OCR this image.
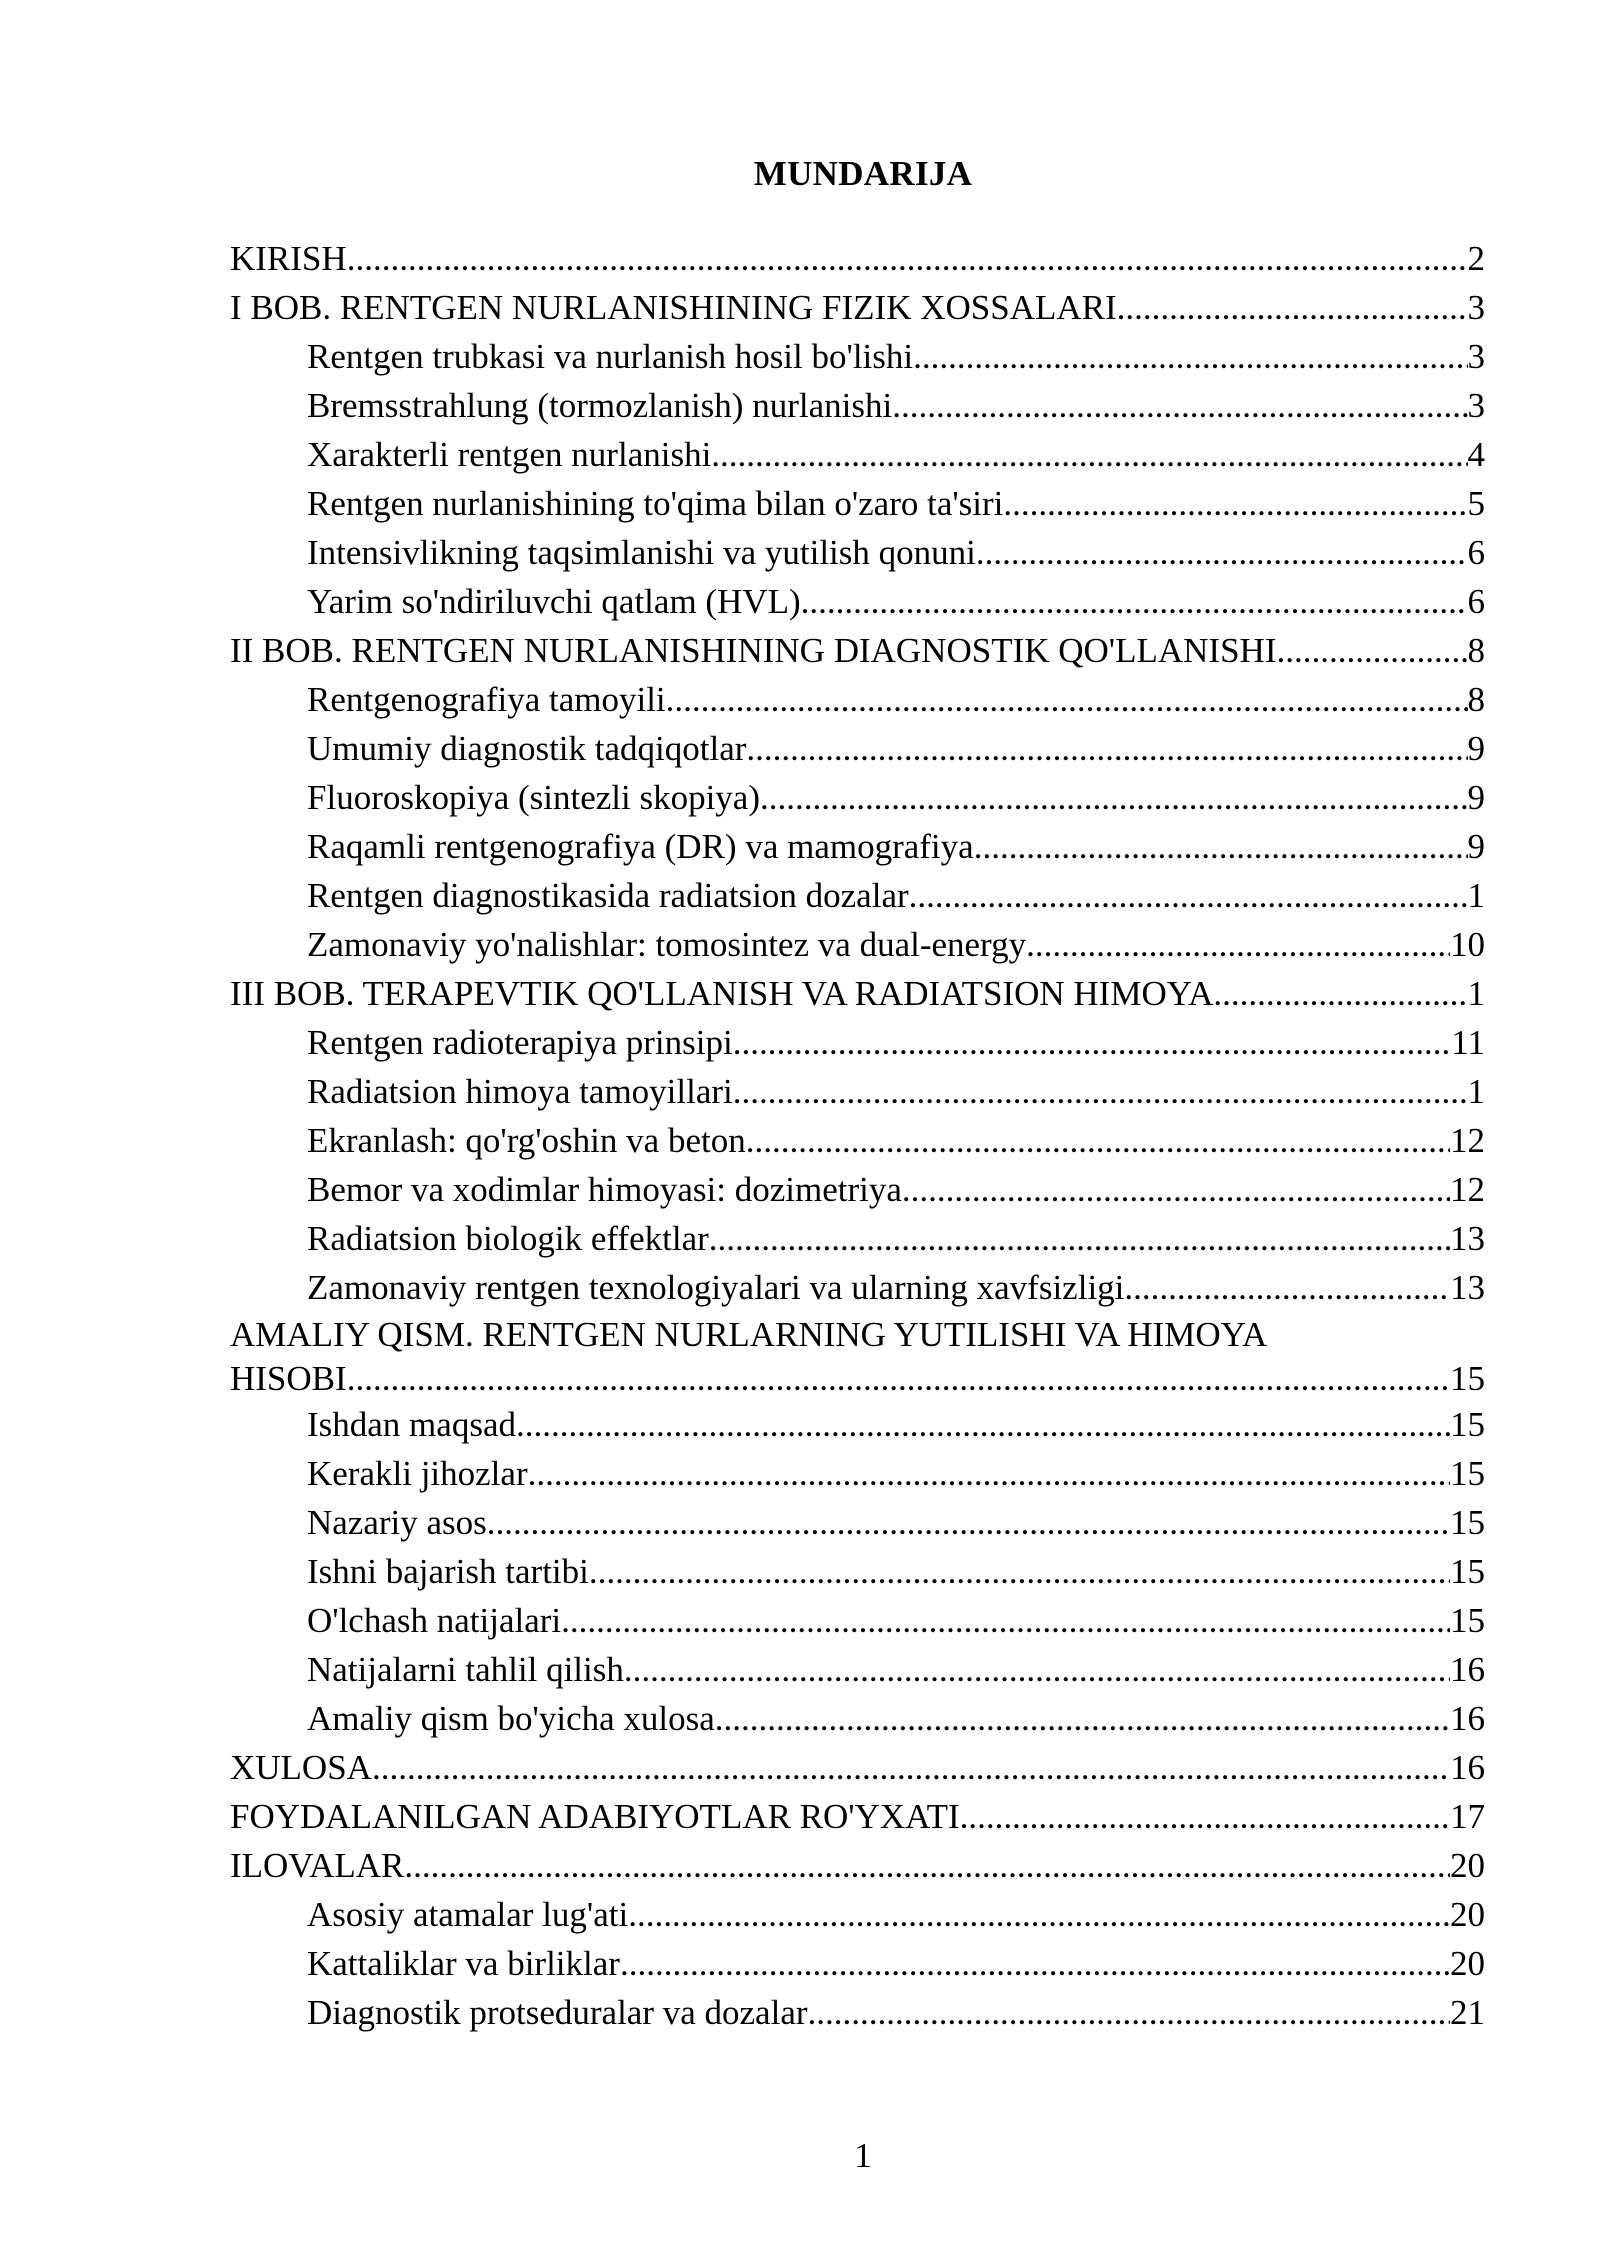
MUNDARIJA
KIRISH .....	2
I BOB. RENTGEN NURLANISHINING FIZIK XOSSALARI .....	3
Rentgen trubkasi va nurlanish hosil bo'lishi .....	3
Bremsstrahlung (tormozlanish) nurlanishi .....	3
Xarakterli rentgen nurlanishi .....	4
Rentgen nurlanishining to'qima bilan o'zaro ta'siri .....	5
Intensivlikning taqsimlanishi va yutilish qonuni .....	6
Yarim so'ndiriluvchi qatlam (HVL) .....	6
II BOB. RENTGEN NURLANISHINING DIAGNOSTIK QO'LLANISHI .....	8
Rentgenografiya tamoyili .....	8
Umumiy diagnostik tadqiqotlar .....	9
Fluoroskopiya (sintezli skopiya) .....	9
Raqamli rentgenografiya (DR) va mamografiya .....	9
Rentgen diagnostikasida radiatsion dozalar .....	1
Zamonaviy yo'nalishlar: tomosintez va dual-energy .....	10
III BOB. TERAPEVTIK QO'LLANISH VA RADIATSION HIMOYA .....	1
Rentgen radioterapiya prinsipi .....	11
Radiatsion himoya tamoyillari .....	1
Ekranlash: qo'rg'oshin va beton .....	12
Bemor va xodimlar himoyasi: dozimetriya .....	12
Radiatsion biologik effektlar .....	13
Zamonaviy rentgen texnologiyalari va ularning xavfsizligi .....	13
AMALIY QISM. RENTGEN NURLARNING YUTILISHI VA HIMOYA
HISOBI .....	15
Ishdan maqsad .....	15
Kerakli jihozlar .....	15
Nazariy asos .....	15
Ishni bajarish tartibi .....	15
O'lchash natijalari .....	15
Natijalarni tahlil qilish .....	16
Amaliy qism bo'yicha xulosa .....	16
XULOSA .....	16
FOYDALANILGAN ADABIYOTLAR RO'YXATI .....	17
ILOVALAR .....	20
Asosiy atamalar lug'ati .....	20
Kattaliklar va birliklar .....	20
Diagnostik protseduralar va dozalar .....	21
1
